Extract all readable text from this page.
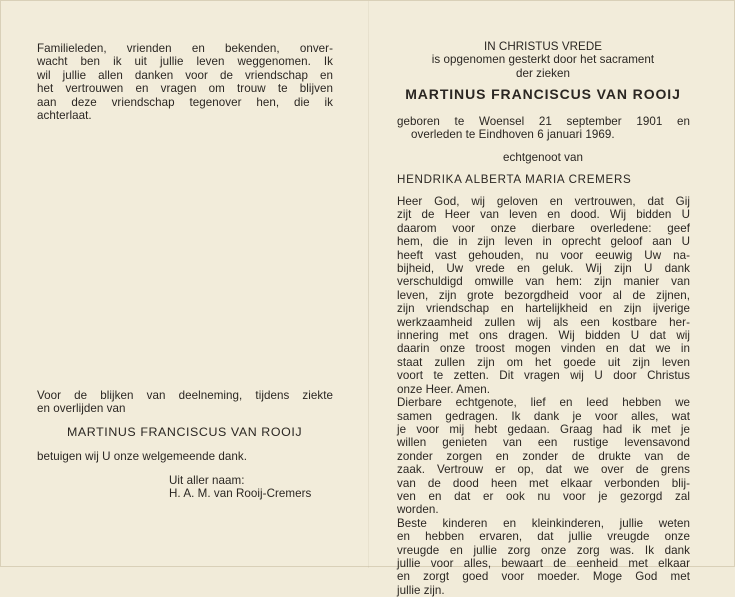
Familieleden, vrienden en bekenden, onver-

wacht ben ik uit jullie leven weggenomen. Ik

wil jullie allen danken voor de vriendschap en

het vertrouwen en vragen om trouw te blijven

aan deze vriendschap tegenover hen, die ik

achterlaat.

Voor de blijken van deelneming, tijdens ziekte

en overlijden van

MARTINUS FRANCISCUS VAN ROOIJ
betuigen wij U onze welgemeende dank.
Uit aller naam:
H. A. M. van Rooij-Cremers
IN CHRISTUS VREDE
is opgenomen gesterkt door het sacrament
der zieken
MARTINUS FRANCISCUS VAN ROOIJ

geboren te Woensel 21 september 1901 en

overleden te Eindhoven 6 januari 1969.

echtgenoot van
HENDRIKA ALBERTA MARIA CREMERS

Heer God, wij geloven en vertrouwen, dat Gij

zijt de Heer van leven en dood. Wij bidden U

daarom voor onze dierbare overledene: geef

hem, die in zijn leven in oprecht geloof aan U

heeft vast gehouden, nu voor eeuwig Uw na-

bijheid, Uw vrede en geluk. Wij zijn U dank

verschuldigd omwille van hem: zijn manier van

leven, zijn grote bezorgdheid voor al de zijnen,

zijn vriendschap en hartelijkheid en zijn ijverige

werkzaamheid zullen wij als een kostbare her-

innering met ons dragen. Wij bidden U dat wij

daarin onze troost mogen vinden en dat we in

staat zullen zijn om het goede uit zijn leven

voort te zetten. Dit vragen wij U door Christus

onze Heer. Amen.

Dierbare echtgenote, lief en leed hebben we

samen gedragen. Ik dank je voor alles, wat

je voor mij hebt gedaan. Graag had ik met je

willen genieten van een rustige levensavond

zonder zorgen en zonder de drukte van de

zaak. Vertrouw er op, dat we over de grens

van de dood heen met elkaar verbonden blij-

ven en dat er ook nu voor je gezorgd zal

worden.

Beste kinderen en kleinkinderen, jullie weten

en hebben ervaren, dat jullie vreugde onze

vreugde en jullie zorg onze zorg was. Ik dank

jullie voor alles, bewaart de eenheid met elkaar

en zorgt goed voor moeder. Moge God met

jullie zijn.
